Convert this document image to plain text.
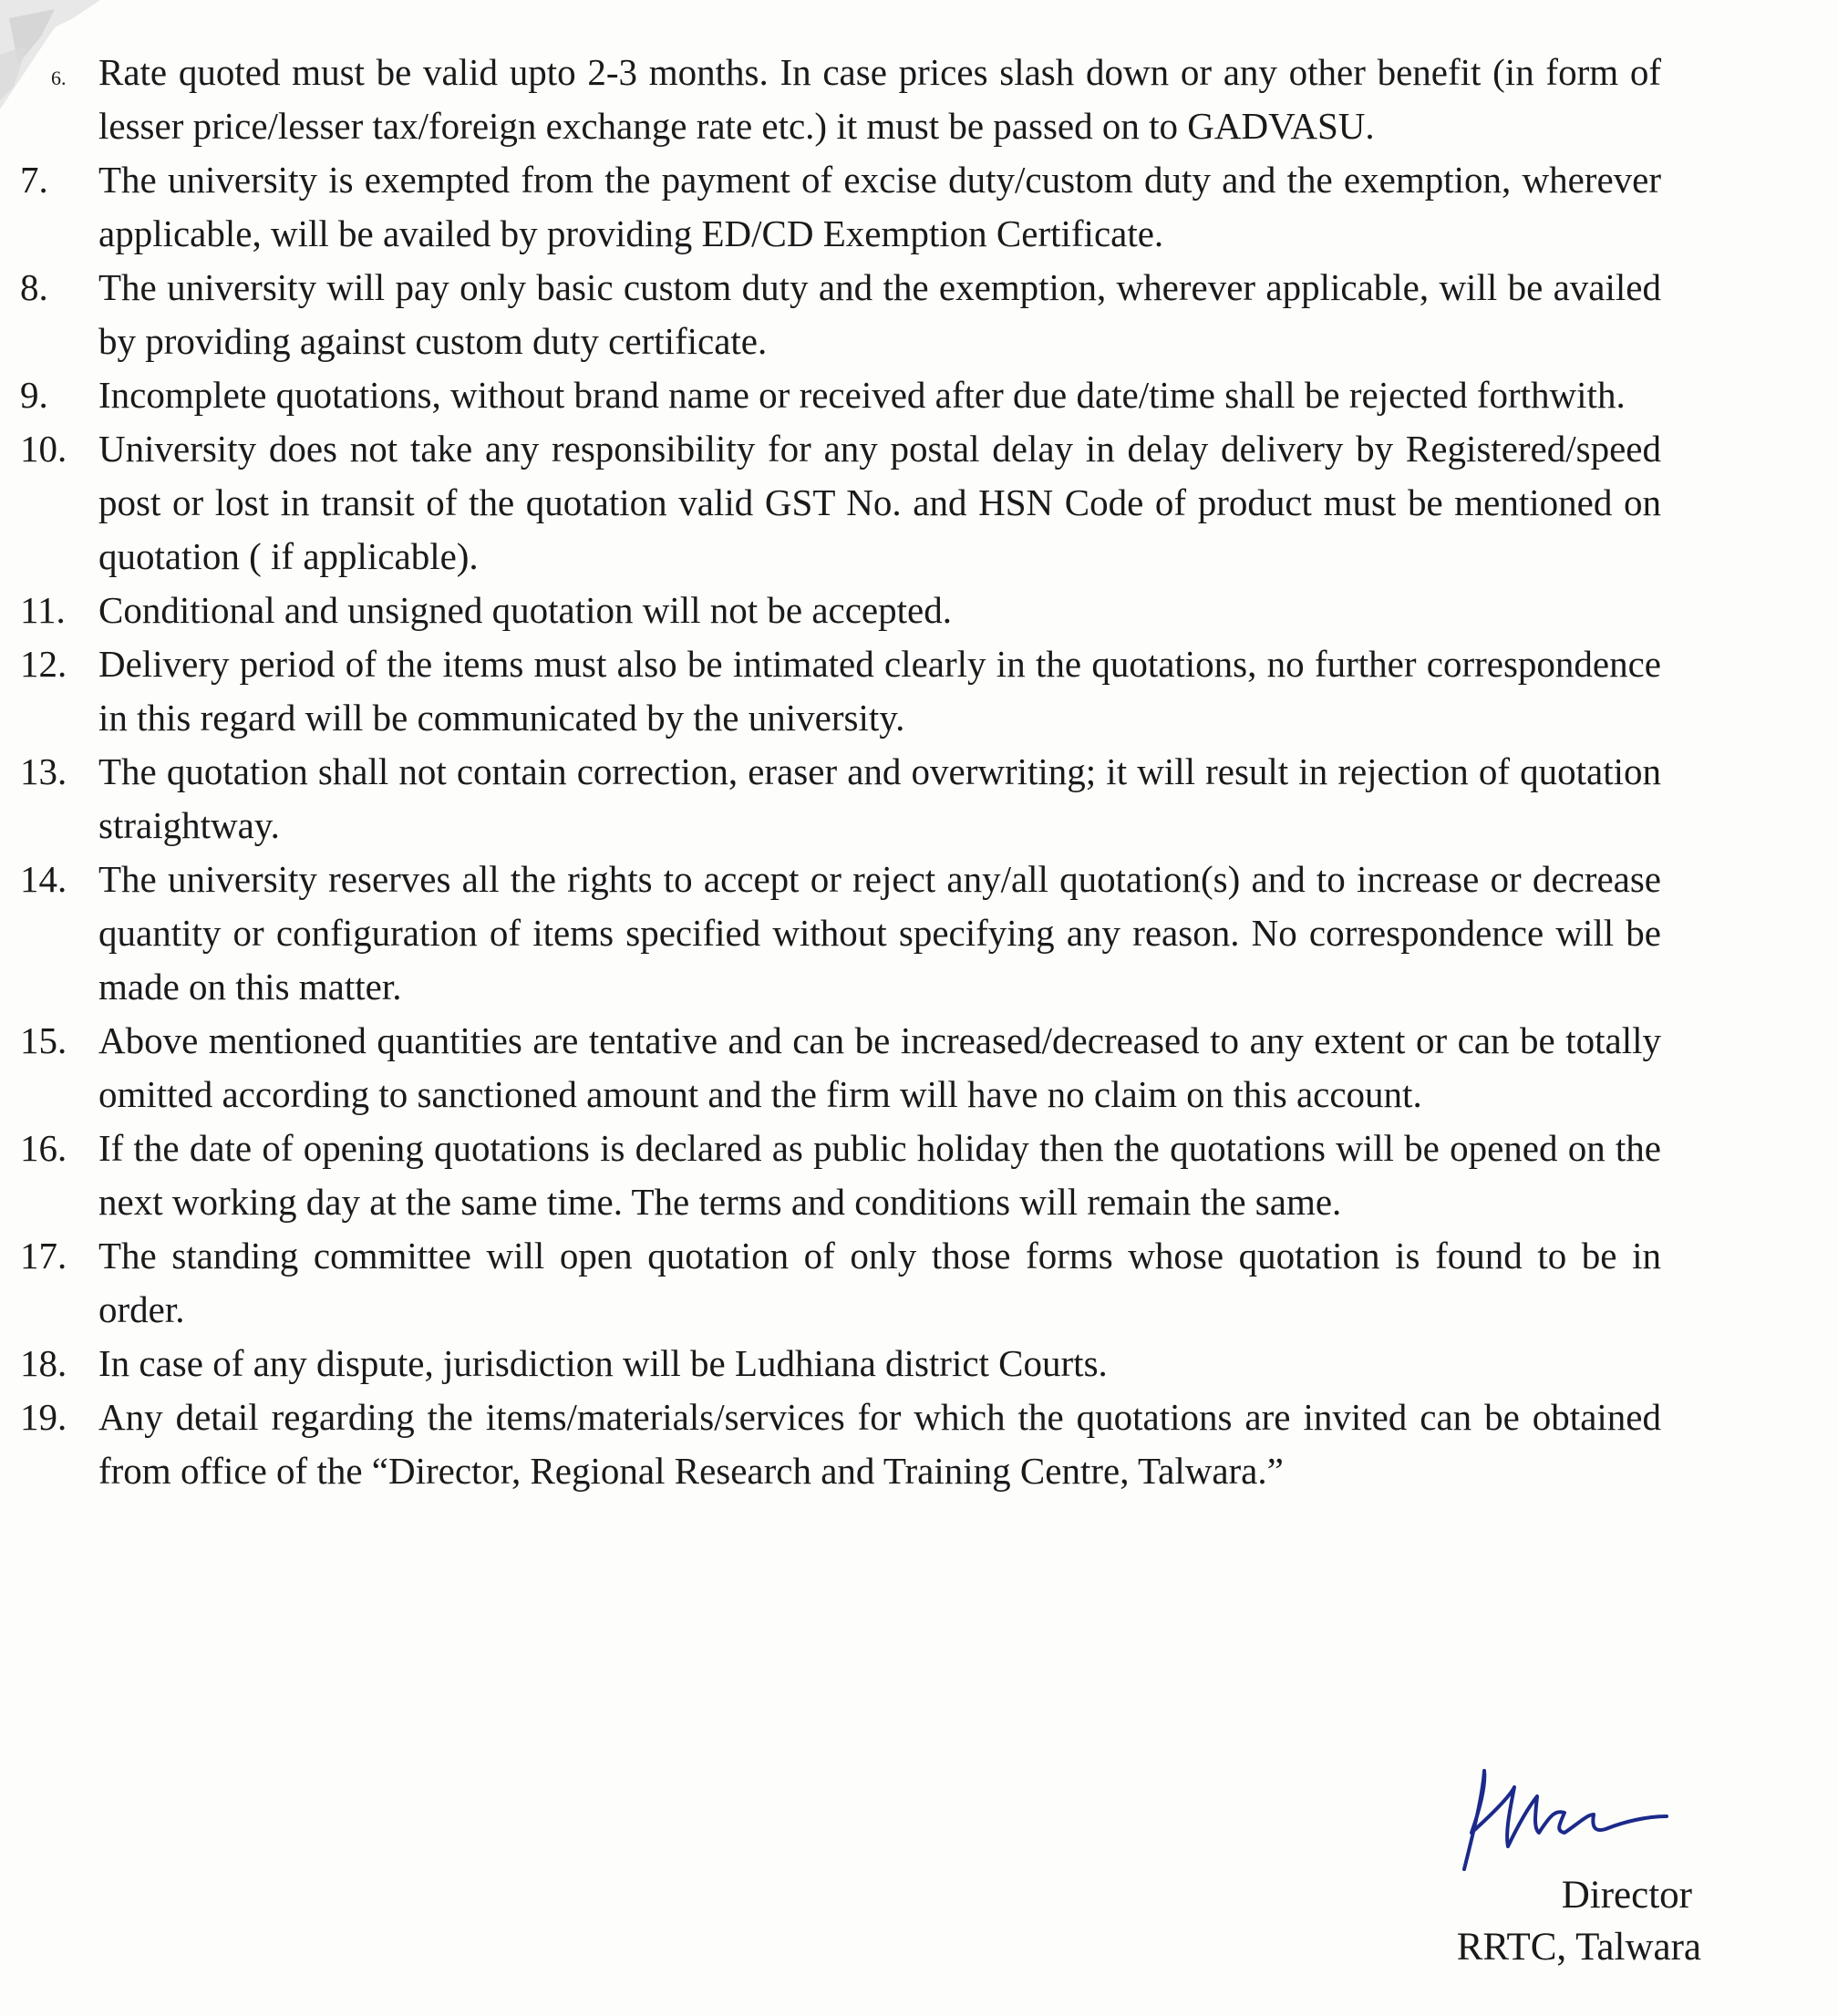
6. Rate quoted must be valid upto 2-3 months. In case prices slash down or any other benefit (in form of lesser price/lesser tax/foreign exchange rate etc.) it must be passed on to GADVASU.
7.	The university is exempted from the payment of excise duty/custom duty and the exemption, wherever applicable, will be availed by providing ED/CD Exemption Certificate.
8.	The university will pay only basic custom duty and the exemption, wherever applicable, will be availed by providing against custom duty certificate.
9.	Incomplete quotations, without brand name or received after due date/time shall be rejected forthwith.
10. University does not take any responsibility for any postal delay in delay delivery by Registered/speed post or lost in transit of the quotation valid GST No. and HSN Code of product must be mentioned on quotation ( if applicable).
11. Conditional and unsigned quotation will not be accepted.
12. Delivery period of the items must also be intimated clearly in the quotations, no further correspondence in this regard will be communicated by the university.
13. The quotation shall not contain correction, eraser and overwriting; it will result in rejection of quotation straightway.
14. The university reserves all the rights to accept or reject any/all quotation(s) and to increase or decrease quantity or configuration of items specified without specifying any reason. No correspondence will be made on this matter.
15. Above mentioned quantities are tentative and can be increased/decreased to any extent or can be totally omitted according to sanctioned amount and the firm will have no claim on this account.
16. If the date of opening quotations is declared as public holiday then the quotations will be opened on the next working day at the same time. The terms and conditions will remain the same.
17. The standing committee will open quotation of only those forms whose quotation is found to be in order.
18. In case of any dispute, jurisdiction will be Ludhiana district Courts.
19. Any detail regarding the items/materials/services for which the quotations are invited can be obtained from office of the “Director, Regional Research and Training Centre, Talwara.”
Director
RRTC, Talwara
